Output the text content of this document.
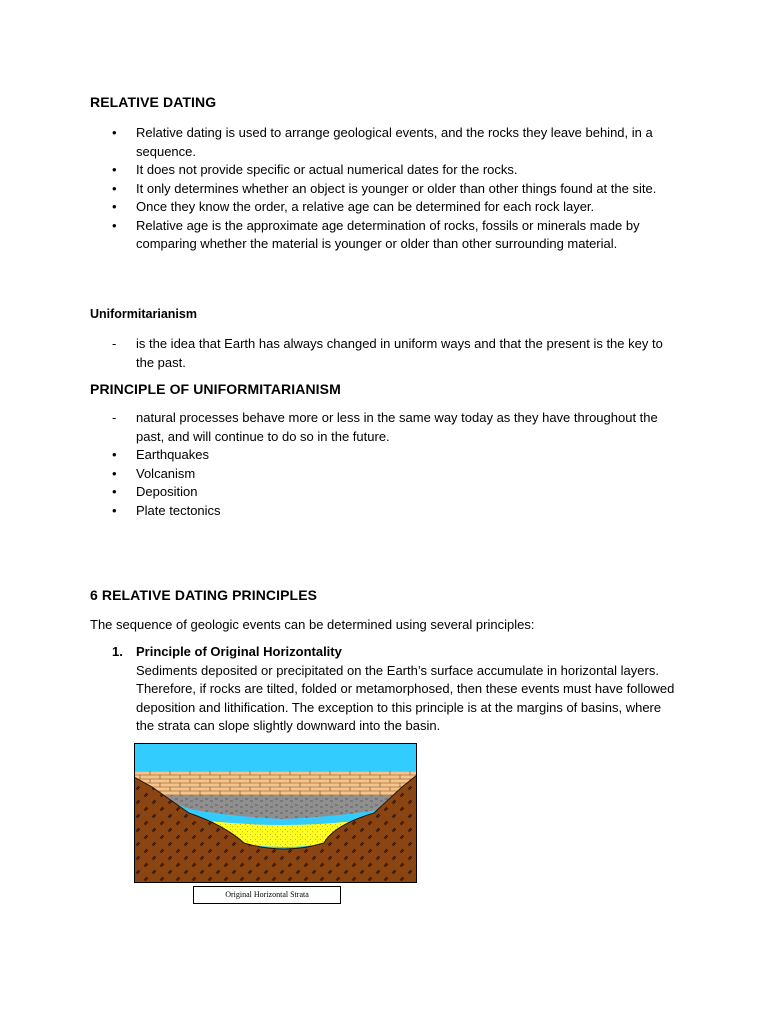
RELATIVE DATING
•	Relative dating is used to arrange geological events, and the rocks they leave behind, in a sequence.
•	It does not provide specific or actual numerical dates for the rocks.
•	It only determines whether an object is younger or older than other things found at the site.
•	Once they know the order, a relative age can be determined for each rock layer.
•	Relative age is the approximate age determination of rocks, fossils or minerals made by comparing whether the material is younger or older than other surrounding material.
Uniformitarianism
-	is the idea that Earth has always changed in uniform ways and that the present is the key to the past.
PRINCIPLE OF UNIFORMITARIANISM
-	natural processes behave more or less in the same way today as they have throughout the past, and will continue to do so in the future.
•	Earthquakes
•	Volcanism
•	Deposition
•	Plate tectonics
6 RELATIVE DATING PRINCIPLES

The sequence of geologic events can be determined using several principles:

1.	Principle of Original Horizontality
Sediments deposited or precipitated on the Earth’s surface accumulate in horizontal layers. Therefore, if rocks are tilted, folded or metamorphosed, then these events must have followed deposition and lithification. The exception to this principle is at the margins of basins, where the strata can slope slightly downward into the basin.
Original Horizontal Strata
